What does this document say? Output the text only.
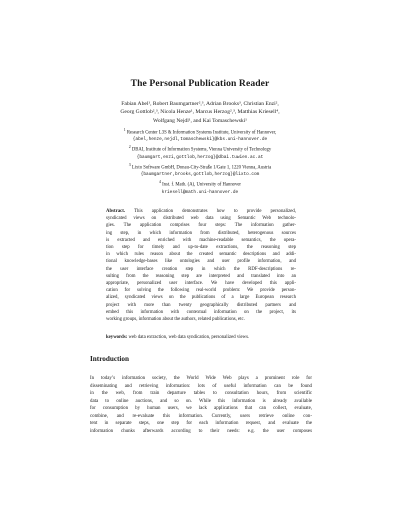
The Personal Publication Reader
Fabian Abel¹, Robert Baumgartner²,³, Adrian Brooks³, Christian Enzi²,
Georg Gottlob²,³, Nicola Henze¹, Marcus Herzog²,³, Matthias Kriesell⁴,
Wolfgang Nejdl¹, and Kai Tomaschewski¹
$^1$ Research Center L3S & Information Systems Institute, University of Hannover,
{abel,henze,nejdl,tomaschewski}@kbs.uni-hannover.de
$^2$ DBAI, Institute of Information Systems, Vienna University of Technology
{baumgart,enzi,gottlob,herzog}@dbai.tuwien.ac.at
$^3$ Lixto Software GmbH, Donau-City-Straße 1/Gate 1, 1220 Vienna, Austria
{baumgartner,brooks,gottlob,herzog}@lixto.com
$^4$ Inst. f. Math. (A), University of Hannover
kriesell@math.uni-hannover.de
Abstract. This application demonstrates how to provide personalized,
syndicated views on distributed web data using Semantic Web technolo-
gies. The application comprises four steps: The information gather-
ing step, in which information from distributed, heterogenous sources
is extracted and enriched with machine-readable semantics, the opera-
tion step for timely and up-to-date extractions, the reasoning step
in which rules reason about the created semantic descriptions and addi-
tional knowledge-bases like ontologies and user profile information, and
the user interface creation step in which the RDF-descriptions re-
sulting from the reasoning step are interpreted and translated into an
appropriate, personalized user interface. We have developed this appli-
cation for solving the following real-world problem: We provide person-
alized, syndicated views on the publications of a large European research
project with more than twenty geographically distributed partners and
embed this information with contextual information on the project, its
working groups, information about the authors, related publications, etc.
keywords: web data extraction, web data syndication, personalized views.
Introduction
In today’s information society, the World Wide Web plays a prominent role for
disseminating and retrieving information: lots of useful information can be found
in the web, from train departure tables to consultation hours, from scientific
data to online auctions, and so on. While this information is already available
for consumption by human users, we lack applications that can collect, evaluate,
combine, and re-evaluate this information. Currently, users retrieve online con-
tent in separate steps, one step for each information request, and evaluate the
information chunks afterwards according to their needs: e.g. the user composes
